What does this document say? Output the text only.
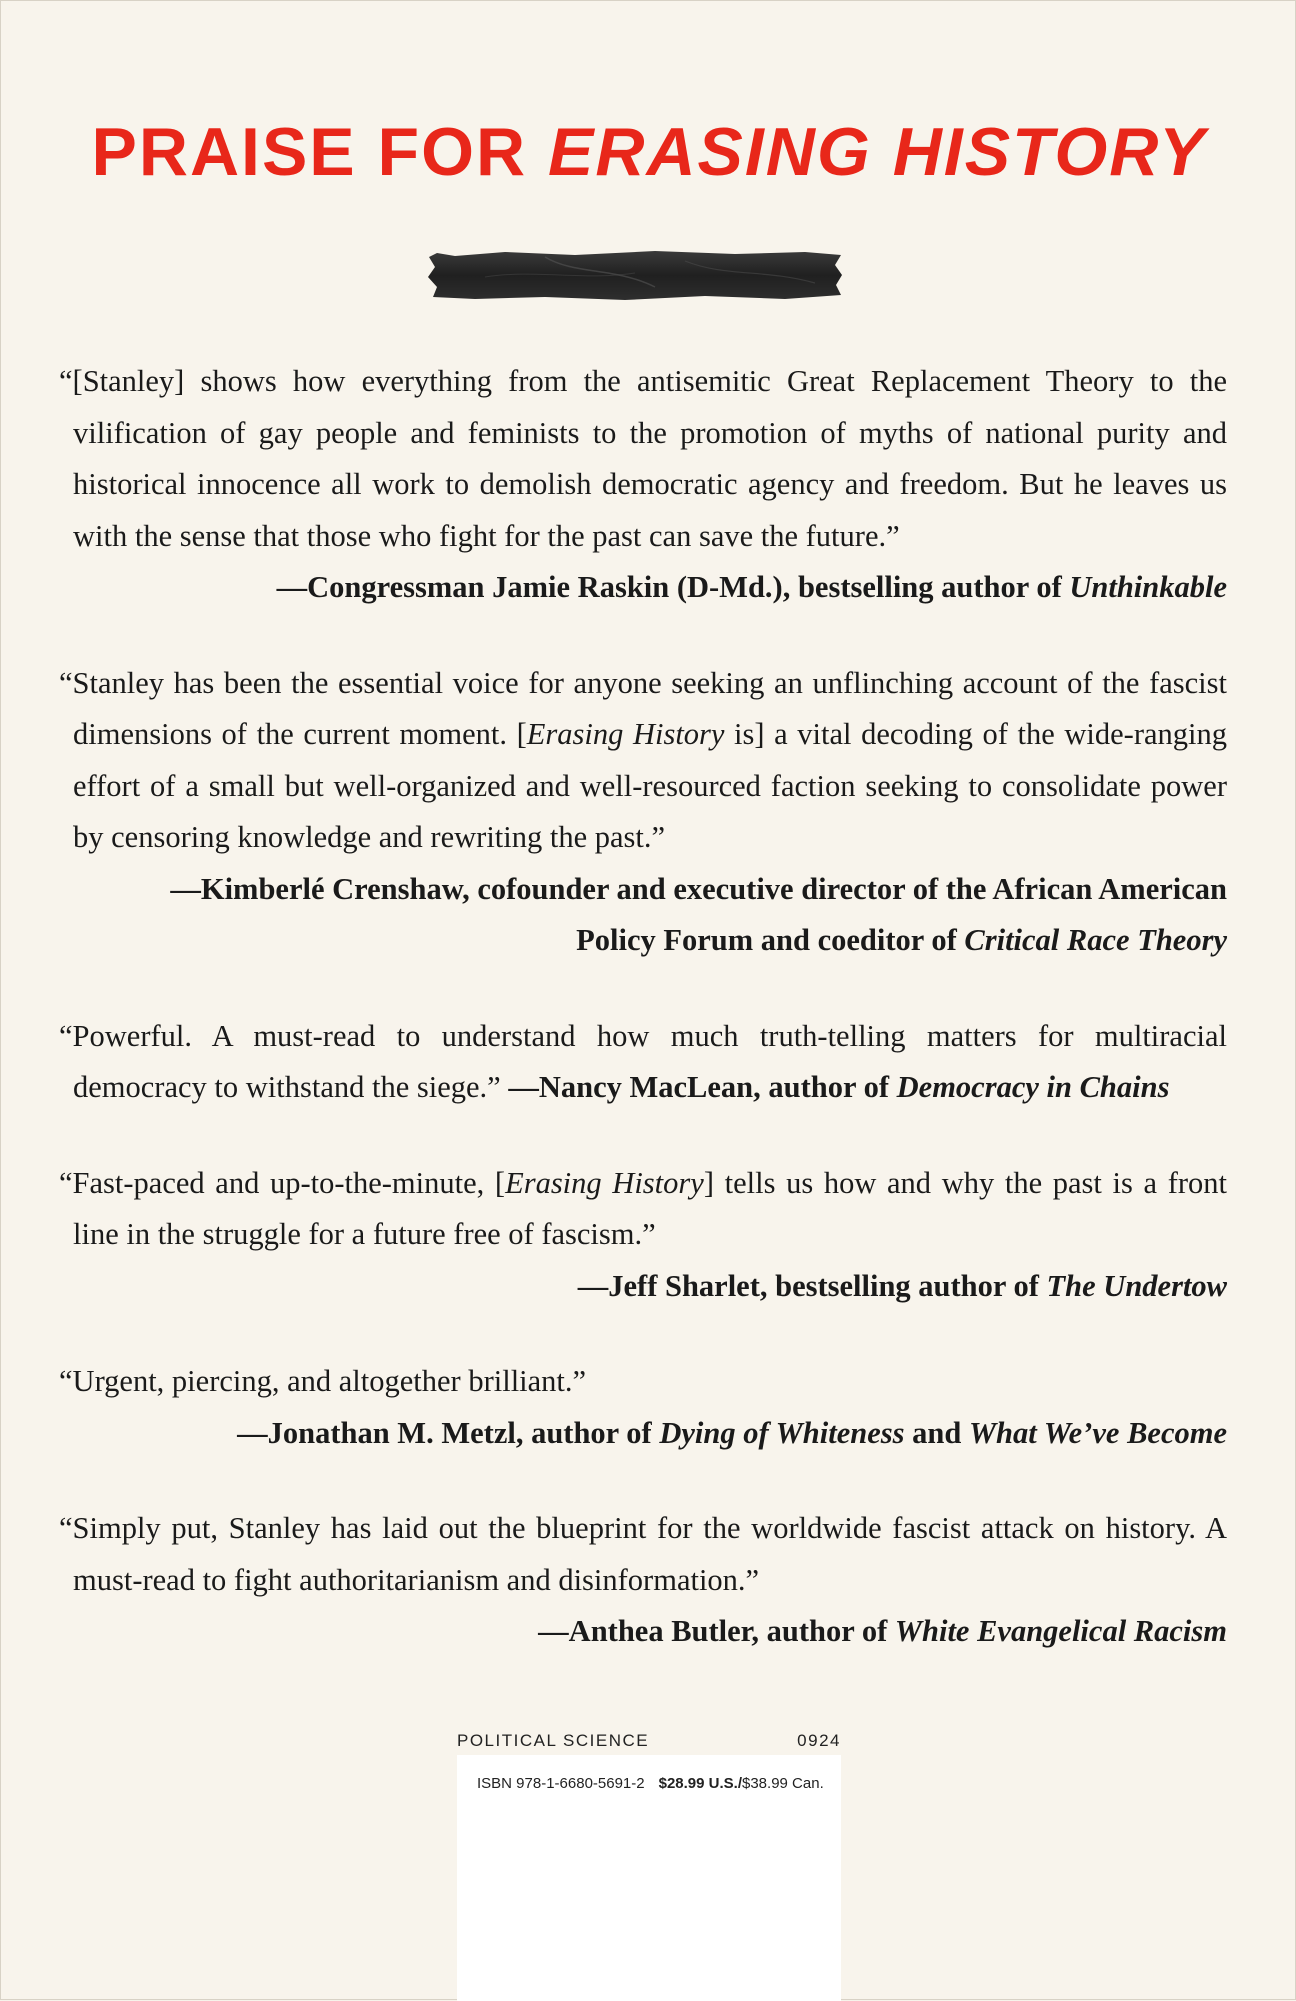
PRAISE FOR ERASING HISTORY
“[Stanley] shows how everything from the antisemitic Great Replacement Theory to the vilification of gay people and feminists to the promotion of myths of national purity and historical innocence all work to demolish democratic agency and freedom. But he leaves us with the sense that those who fight for the past can save the future.”
—Congressman Jamie Raskin (D-Md.), bestselling author of Unthinkable
“Stanley has been the essential voice for anyone seeking an unflinching account of the fascist dimensions of the current moment. [Erasing History is] a vital decoding of the wide-ranging effort of a small but well-organized and well-resourced faction seeking to consolidate power by censoring knowledge and rewriting the past.”
—Kimberlé Crenshaw, cofounder and executive director of the African American
Policy Forum and coeditor of Critical Race Theory
“Powerful. A must-read to understand how much truth-telling matters for multiracial democracy to withstand the siege.” —Nancy MacLean, author of Democracy in Chains
“Fast-paced and up-to-the-minute, [Erasing History] tells us how and why the past is a front line in the struggle for a future free of fascism.”
—Jeff Sharlet, bestselling author of The Undertow
“Urgent, piercing, and altogether brilliant.”
—Jonathan M. Metzl, author of Dying of Whiteness and What We’ve Become
“Simply put, Stanley has laid out the blueprint for the worldwide fascist attack on history. A must-read to fight authoritarianism and disinformation.”
—Anthea Butler, author of White Evangelical Racism
POLITICAL SCIENCE	0924
ISBN 978-1-6680-5691-2 $28.99 U.S./$38.99 Can.
